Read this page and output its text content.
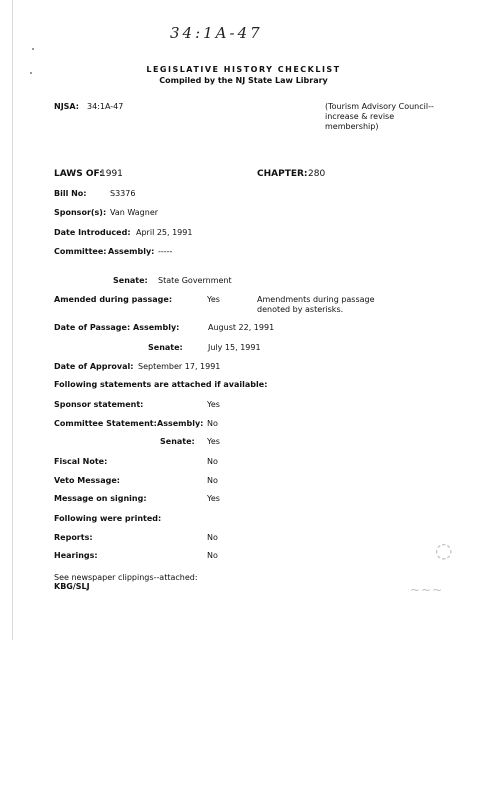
34:1A-47
LEGISLATIVE HISTORY CHECKLIST
Compiled by the NJ State Law Library
NJSA: 34:1A-47	(Tourism Advisory Council--increase & revise membership)
LAWS OF:
1991	CHAPTER: 280
Bill No:	S3376
Sponsor(s): Van Wagner
Date Introduced: April 25, 1991
Committee: Assembly: -----
Senate: State Government
Amended during passage:	Yes	Amendments during passage denoted by asterisks.
Date of Passage: Assembly:	August 22, 1991
Senate:	July 15, 1991
Date of Approval: September 17, 1991
Following statements are attached if available:
Sponsor statement:	Yes
Committee Statement: Assembly: No
Senate: Yes
Fiscal Note:	No
Veto Message:	No
Message on signing:	Yes
Following were printed:
Reports:	No
Hearings:	No
See newspaper clippings--attached:
KBG/SLJ
◌
~~~
